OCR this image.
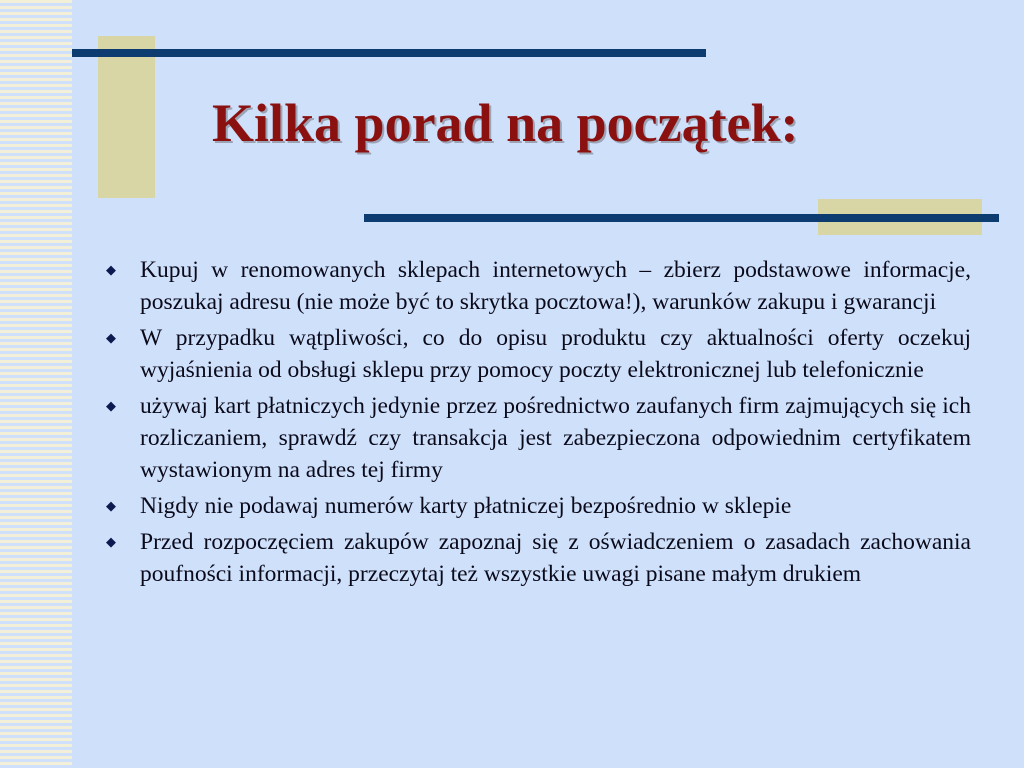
Kilka porad na początek:
◆ Kupuj w renomowanych sklepach internetowych – zbierz podstawowe informacje, poszukaj adresu (nie może być to skrytka pocztowa!), warunków zakupu i gwarancji
◆ W przypadku wątpliwości, co do opisu produktu czy aktualności oferty oczekuj wyjaśnienia od obsługi sklepu przy pomocy poczty elektronicznej lub telefonicznie
◆ używaj kart płatniczych jedynie przez pośrednictwo zaufanych firm zajmujących się ich rozliczaniem, sprawdź czy transakcja jest zabezpieczona odpowiednim certyfikatem wystawionym na adres tej firmy
◆ Nigdy nie podawaj numerów karty płatniczej bezpośrednio w sklepie
◆ Przed rozpoczęciem zakupów zapoznaj się z oświadczeniem o zasadach zachowania poufności informacji, przeczytaj też wszystkie uwagi pisane małym drukiem
